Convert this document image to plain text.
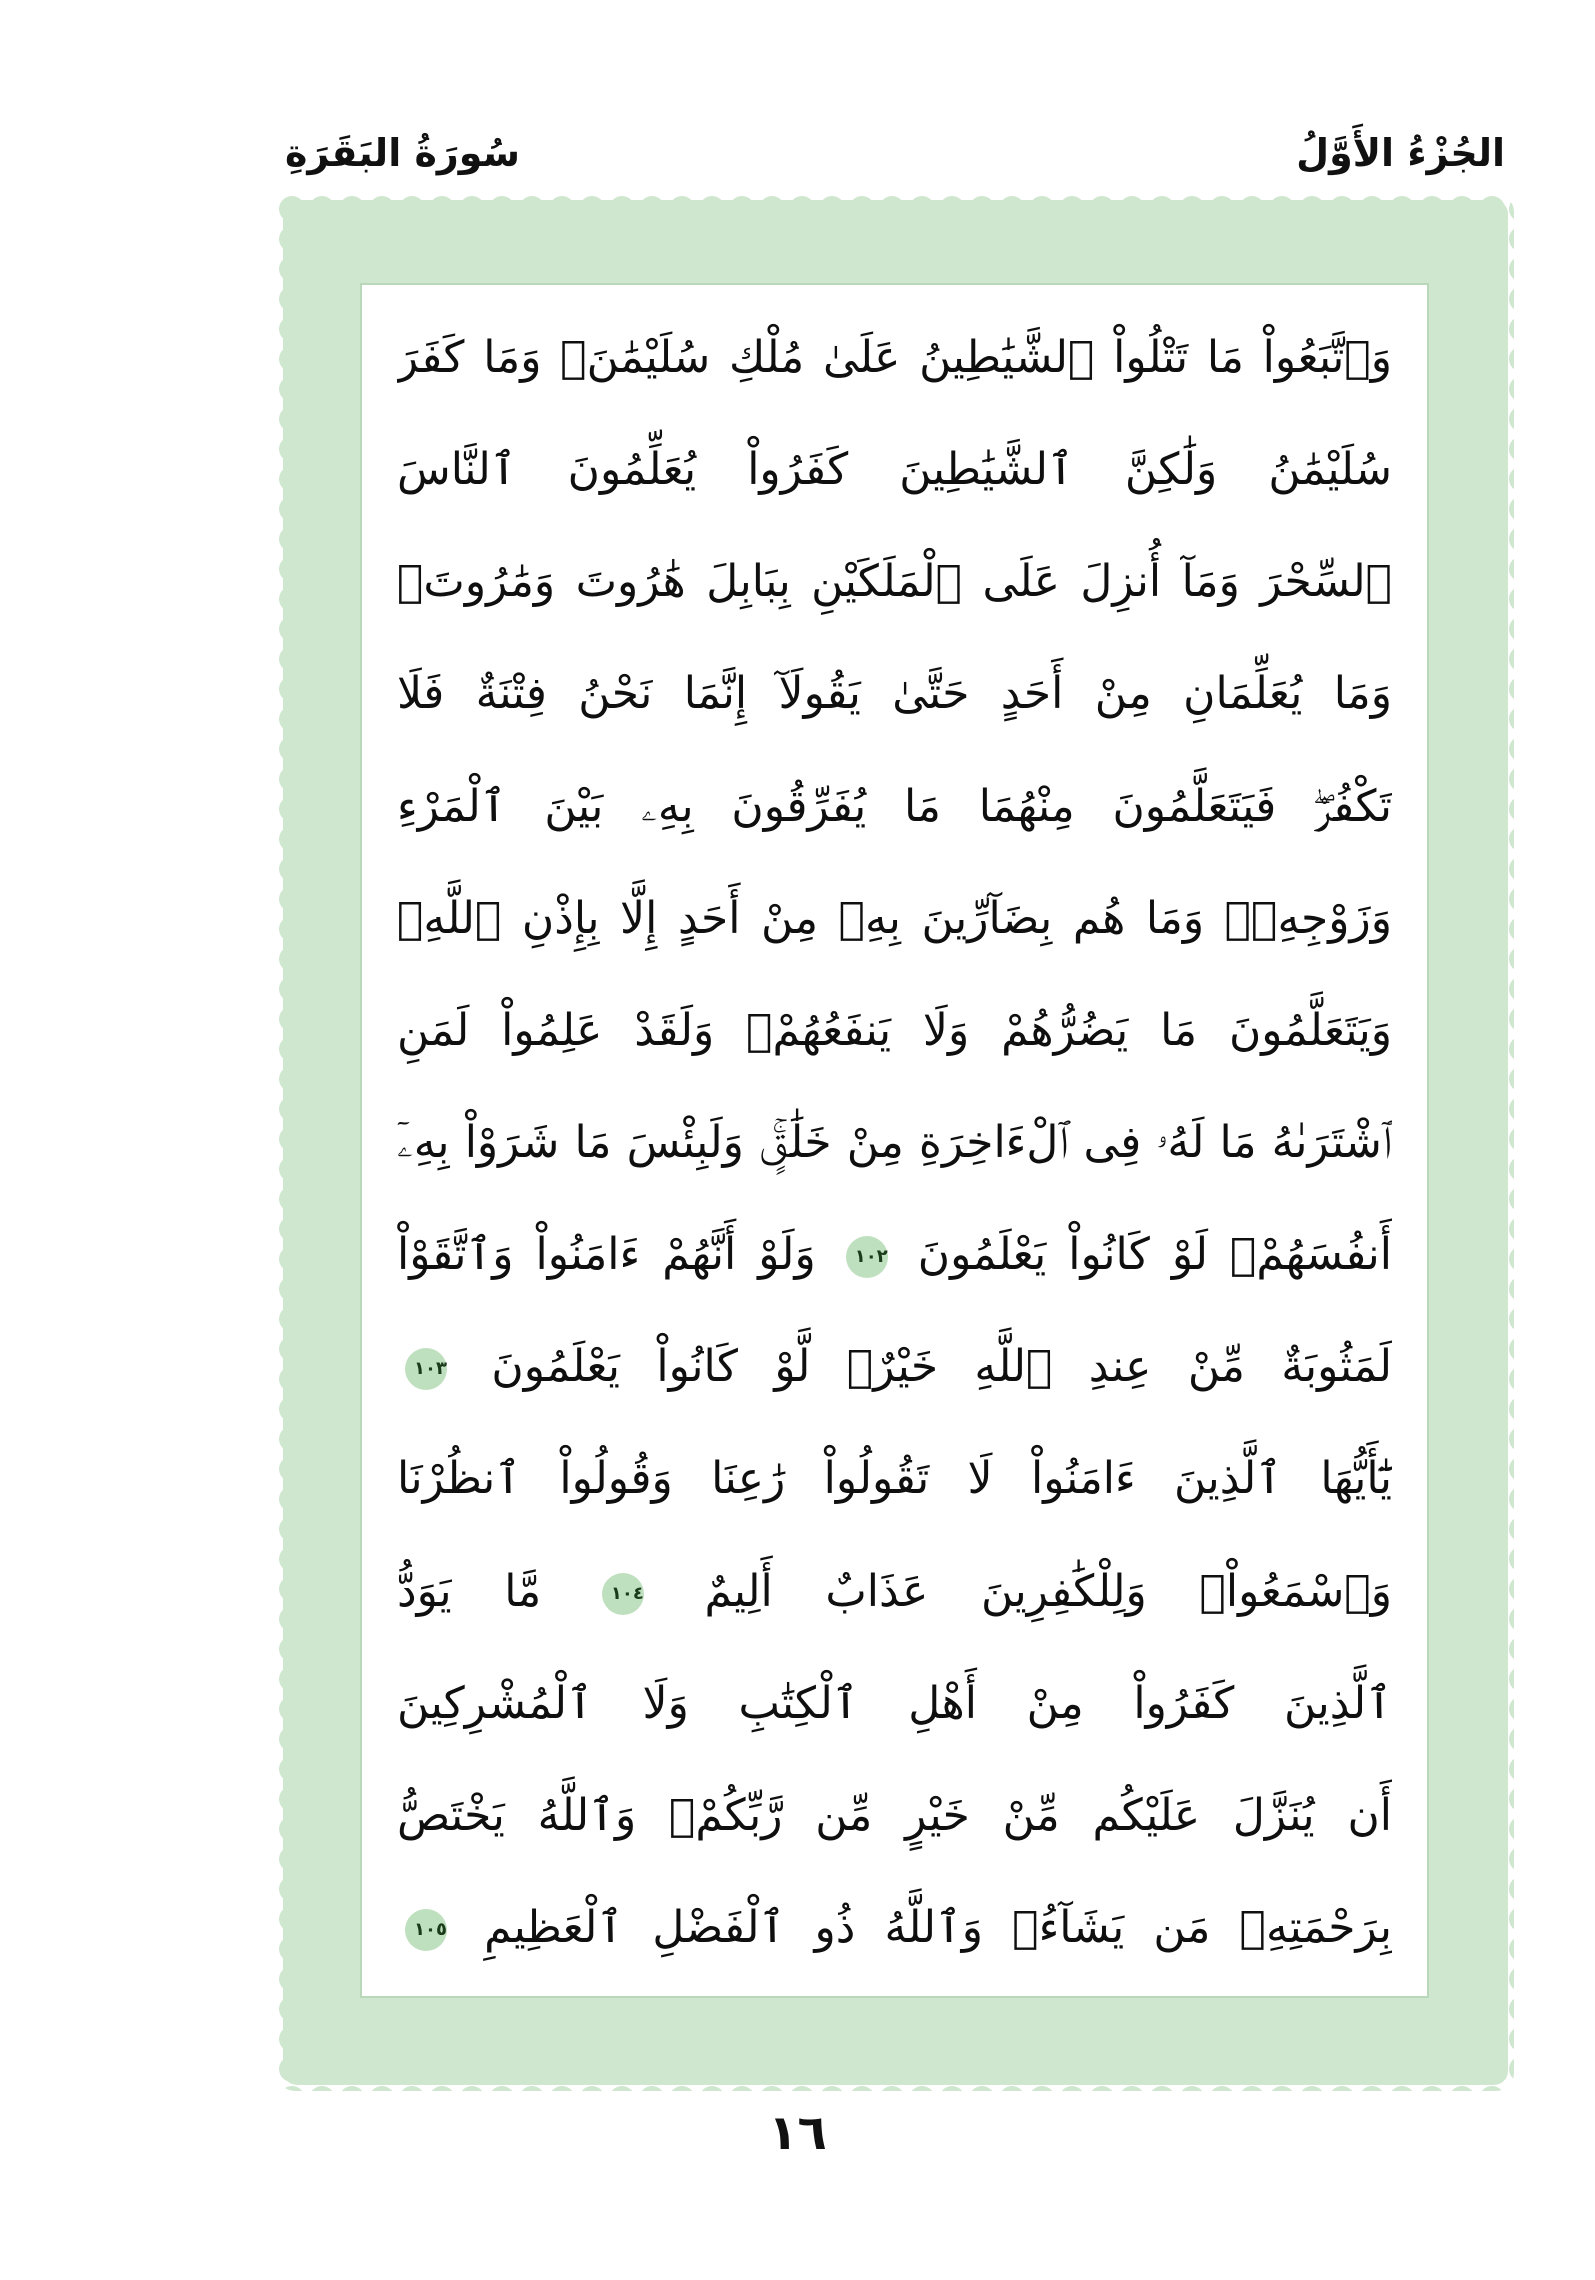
الجُزْءُ الأَوَّلُ
سُورَةُ البَقَرَةِ
وَٱتَّبَعُواْ مَا تَتْلُواْ ٱلشَّيَٰطِينُ عَلَىٰ مُلْكِ سُلَيْمَٰنَۖ وَمَا كَفَرَ
سُلَيْمَٰنُ وَلَٰكِنَّ ٱلشَّيَٰطِينَ كَفَرُواْ يُعَلِّمُونَ ٱلنَّاسَ
ٱلسِّحْرَ وَمَآ أُنزِلَ عَلَى ٱلْمَلَكَيْنِ بِبَابِلَ هَٰرُوتَ وَمَٰرُوتَۚ
وَمَا يُعَلِّمَانِ مِنْ أَحَدٍ حَتَّىٰ يَقُولَآ إِنَّمَا نَحْنُ فِتْنَةٌ فَلَا
تَكْفُرْۖ فَيَتَعَلَّمُونَ مِنْهُمَا مَا يُفَرِّقُونَ بِهِۦ بَيْنَ ٱلْمَرْءِ
وَزَوْجِهِۦۚ وَمَا هُم بِضَآرِّينَ بِهِۦ مِنْ أَحَدٍ إِلَّا بِإِذْنِ ٱللَّهِۚ
وَيَتَعَلَّمُونَ مَا يَضُرُّهُمْ وَلَا يَنفَعُهُمْۚ وَلَقَدْ عَلِمُواْ لَمَنِ
ٱشْتَرَىٰهُ مَا لَهُۥ فِى ٱلْءَاخِرَةِ مِنْ خَلَٰقٍۚ وَلَبِئْسَ مَا شَرَوْاْ بِهِۦٓ
أَنفُسَهُمْۚ لَوْ كَانُواْ يَعْلَمُونَ ١٠٢ وَلَوْ أَنَّهُمْ ءَامَنُواْ وَٱتَّقَوْاْ
لَمَثُوبَةٌ مِّنْ عِندِ ٱللَّهِ خَيْرٌۖ لَّوْ كَانُواْ يَعْلَمُونَ ١٠٣
يَٰٓأَيُّهَا ٱلَّذِينَ ءَامَنُواْ لَا تَقُولُواْ رَٰعِنَا وَقُولُواْ ٱنظُرْنَا
وَٱسْمَعُواْۗ وَلِلْكَٰفِرِينَ عَذَابٌ أَلِيمٌ ١٠٤ مَّا يَوَدُّ
ٱلَّذِينَ كَفَرُواْ مِنْ أَهْلِ ٱلْكِتَٰبِ وَلَا ٱلْمُشْرِكِينَ
أَن يُنَزَّلَ عَلَيْكُم مِّنْ خَيْرٍ مِّن رَّبِّكُمْۗ وَٱللَّهُ يَخْتَصُّ
بِرَحْمَتِهِۦ مَن يَشَآءُۚ وَٱللَّهُ ذُو ٱلْفَضْلِ ٱلْعَظِيمِ ١٠٥
١٦
